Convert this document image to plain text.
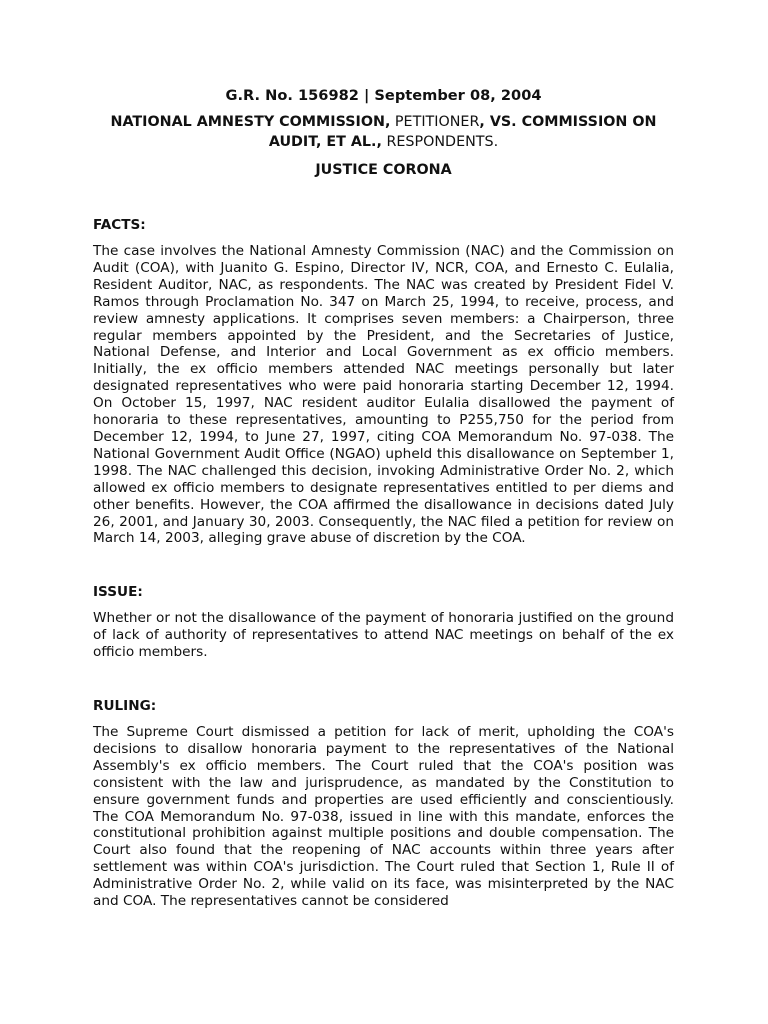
G.R. No. 156982 | September 08, 2004

NATIONAL AMNESTY COMMISSION, PETITIONER, VS. COMMISSION ON AUDIT, ET AL., RESPONDENTS.

JUSTICE CORONA

FACTS:

The case involves the National Amnesty Commission (NAC) and the Commission on Audit (COA), with Juanito G. Espino, Director IV, NCR, COA, and Ernesto C. Eulalia, Resident Auditor, NAC, as respondents. The NAC was created by President Fidel V. Ramos through Proclamation No. 347 on March 25, 1994, to receive, process, and review amnesty applications. It comprises seven members: a Chairperson, three regular members appointed by the President, and the Secretaries of Justice, National Defense, and Interior and Local Government as ex officio members. Initially, the ex officio members attended NAC meetings personally but later designated representatives who were paid honoraria starting December 12, 1994. On October 15, 1997, NAC resident auditor Eulalia disallowed the payment of honoraria to these representatives, amounting to P255,750 for the period from December 12, 1994, to June 27, 1997, citing COA Memorandum No. 97-038. The National Government Audit Office (NGAO) upheld this disallowance on September 1, 1998. The NAC challenged this decision, invoking Administrative Order No. 2, which allowed ex officio members to designate representatives entitled to per diems and other benefits. However, the COA affirmed the disallowance in decisions dated July 26, 2001, and January 30, 2003. Consequently, the NAC filed a petition for review on March 14, 2003, alleging grave abuse of discretion by the COA.

ISSUE:

Whether or not the disallowance of the payment of honoraria justified on the ground of lack of authority of representatives to attend NAC meetings on behalf of the ex officio members.

RULING:

The Supreme Court dismissed a petition for lack of merit, upholding the COA's decisions to disallow honoraria payment to the representatives of the National Assembly's ex officio members. The Court ruled that the COA's position was consistent with the law and jurisprudence, as mandated by the Constitution to ensure government funds and properties are used efficiently and conscientiously. The COA Memorandum No. 97-038, issued in line with this mandate, enforces the constitutional prohibition against multiple positions and double compensation. The Court also found that the reopening of NAC accounts within three years after settlement was within COA's jurisdiction. The Court ruled that Section 1, Rule II of Administrative Order No. 2, while valid on its face, was misinterpreted by the NAC and COA. The representatives cannot be considered
